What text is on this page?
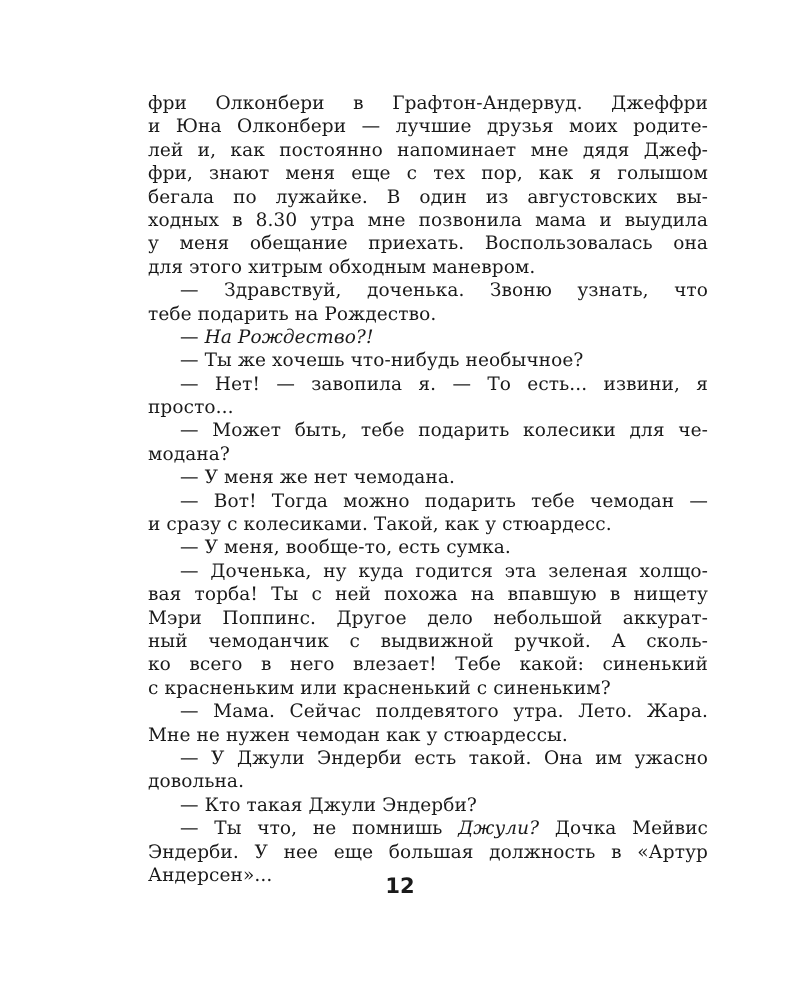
фри Олконбери в Графтон-Андервуд. Джеффри
и Юна Олконбери — лучшие друзья моих родите-
лей и, как постоянно напоминает мне дядя Джеф-
фри, знают меня еще с тех пор, как я голышом
бегала по лужайке. В один из августовских вы-
ходных в 8.30 утра мне позвонила мама и выудила
у меня обещание приехать. Воспользовалась она
для этого хитрым обходным маневром.
— Здравствуй, доченька. Звоню узнать, что
тебе подарить на Рождество.
— На Рождество?!
— Ты же хочешь что-нибудь необычное?
— Нет! — завопила я. — То есть... извини, я
просто...
— Может быть, тебе подарить колесики для че-
модана?
— У меня же нет чемодана.
— Вот! Тогда можно подарить тебе чемодан —
и сразу с колесиками. Такой, как у стюардесс.
— У меня, вообще-то, есть сумка.
— Доченька, ну куда годится эта зеленая холщо-
вая торба! Ты с ней похожа на впавшую в нищету
Мэри Поппинс. Другое дело небольшой аккурат-
ный чемоданчик с выдвижной ручкой. А сколь-
ко всего в него влезает! Тебе какой: синенький
с красненьким или красненький с синеньким?
— Мама. Сейчас полдевятого утра. Лето. Жара.
Мне не нужен чемодан как у стюардессы.
— У Джули Эндерби есть такой. Она им ужасно
довольна.
— Кто такая Джули Эндерби?
— Ты что, не помнишь Джули? Дочка Мейвис
Эндерби. У нее еще большая должность в «Артур
Андерсен»...	12
